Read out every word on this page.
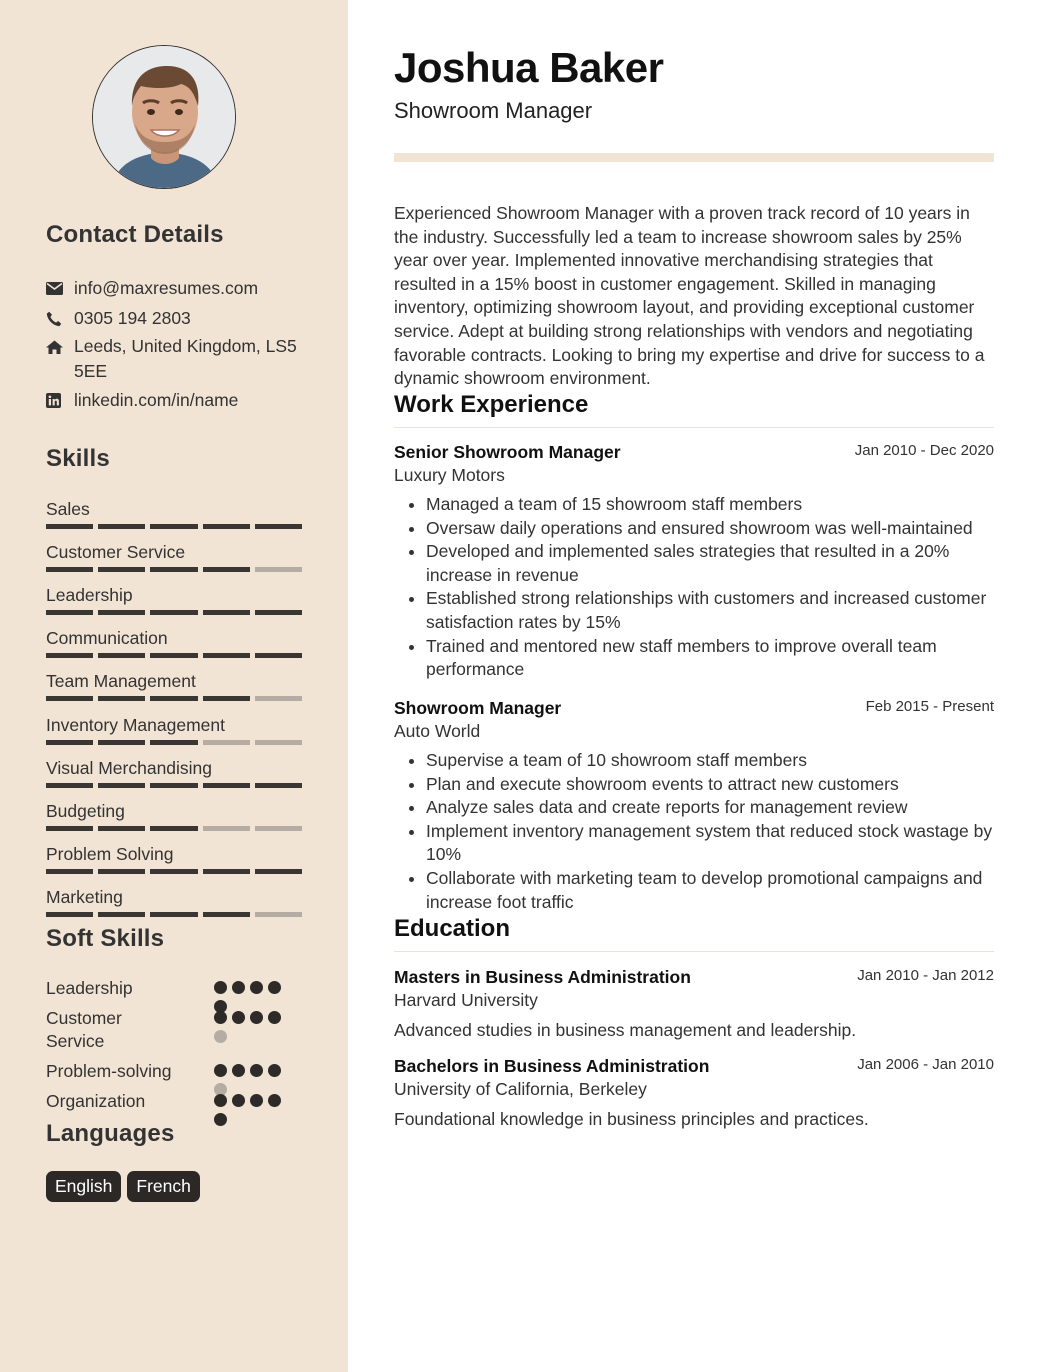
Contact Details
info@maxresumes.com
0305 194 2803
Leeds, United Kingdom, LS5 5EE
linkedin.com/in/name
Skills
Sales
Customer Service
Leadership
Communication
Team Management
Inventory Management
Visual Merchandising
Budgeting
Problem Solving
Marketing
Soft Skills
Leadership
Customer Service
Problem-solving
Organization
Languages
English	French
Joshua Baker
Showroom Manager
Experienced Showroom Manager with a proven track record of 10 years in the industry. Successfully led a team to increase showroom sales by 25% year over year. Implemented innovative merchandising strategies that resulted in a 15% boost in customer engagement. Skilled in managing inventory, optimizing showroom layout, and providing exceptional customer service. Adept at building strong relationships with vendors and negotiating favorable contracts. Looking to bring my expertise and drive for success to a dynamic showroom environment.
Work Experience
Senior Showroom Manager	Jan 2010 - Dec 2020
Luxury Motors
• Managed a team of 15 showroom staff members
• Oversaw daily operations and ensured showroom was well-maintained
• Developed and implemented sales strategies that resulted in a 20% increase in revenue
• Established strong relationships with customers and increased customer satisfaction rates by 15%
• Trained and mentored new staff members to improve overall team performance
Showroom Manager	Feb 2015 - Present
Auto World
• Supervise a team of 10 showroom staff members
• Plan and execute showroom events to attract new customers
• Analyze sales data and create reports for management review
• Implement inventory management system that reduced stock wastage by 10%
• Collaborate with marketing team to develop promotional campaigns and increase foot traffic
Education
Masters in Business Administration	Jan 2010 - Jan 2012
Harvard University
Advanced studies in business management and leadership.
Bachelors in Business Administration	Jan 2006 - Jan 2010
University of California, Berkeley
Foundational knowledge in business principles and practices.
